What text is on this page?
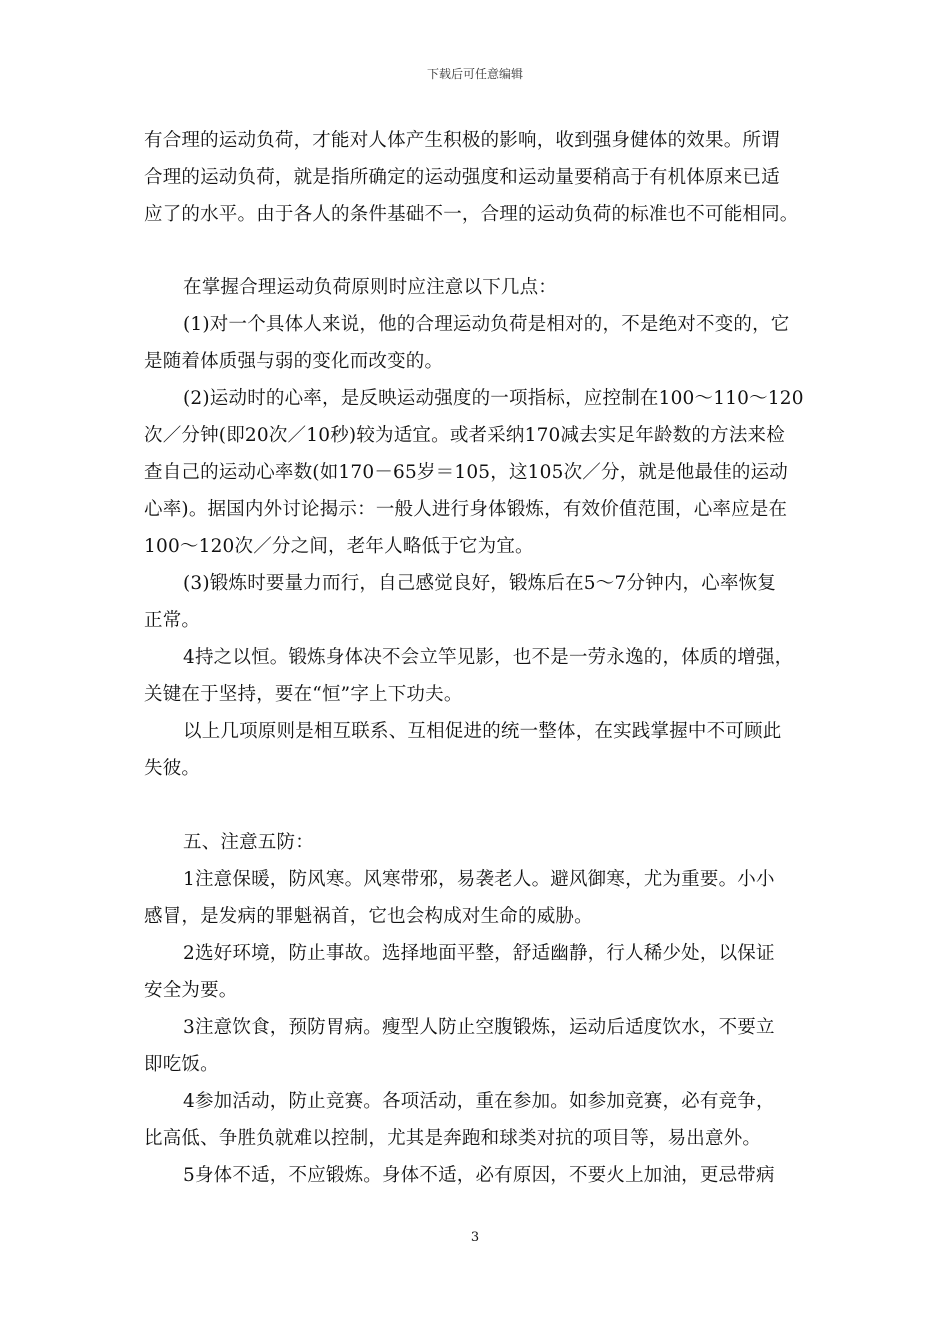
下载后可任意编辑
有合理的运动负荷，才能对人体产生积极的影响，收到强身健体的效果。所谓
合理的运动负荷，就是指所确定的运动强度和运动量要稍高于有机体原来已适
应了的水平。由于各人的条件基础不一，合理的运动负荷的标准也不可能相同。
在掌握合理运动负荷原则时应注意以下几点：
(1)对一个具体人来说，他的合理运动负荷是相对的，不是绝对不变的，它
是随着体质强与弱的变化而改变的。
(2)运动时的心率，是反映运动强度的一项指标，应控制在100～110～120
次／分钟(即20次／10秒)较为适宜。或者采纳170减去实足年龄数的方法来检
查自己的运动心率数(如170－65岁＝105，这105次／分，就是他最佳的运动
心率)。据国内外讨论揭示：一般人进行身体锻炼，有效价值范围，心率应是在
100～120次／分之间，老年人略低于它为宜。
(3)锻炼时要量力而行，自己感觉良好，锻炼后在5～7分钟内，心率恢复
正常。
4持之以恒。锻炼身体决不会立竿见影，也不是一劳永逸的，体质的增强，
关键在于坚持，要在“恒”字上下功夫。
以上几项原则是相互联系、互相促进的统一整体，在实践掌握中不可顾此
失彼。
五、注意五防：
1注意保暖，防风寒。风寒带邪，易袭老人。避风御寒，尤为重要。小小
感冒，是发病的罪魁祸首，它也会构成对生命的威胁。
2选好环境，防止事故。选择地面平整，舒适幽静，行人稀少处，以保证
安全为要。
3注意饮食，预防胃病。瘦型人防止空腹锻炼，运动后适度饮水，不要立
即吃饭。
4参加活动，防止竞赛。各项活动，重在参加。如参加竞赛，必有竞争，
比高低、争胜负就难以控制，尤其是奔跑和球类对抗的项目等，易出意外。
5身体不适，不应锻炼。身体不适，必有原因，不要火上加油，更忌带病
3
